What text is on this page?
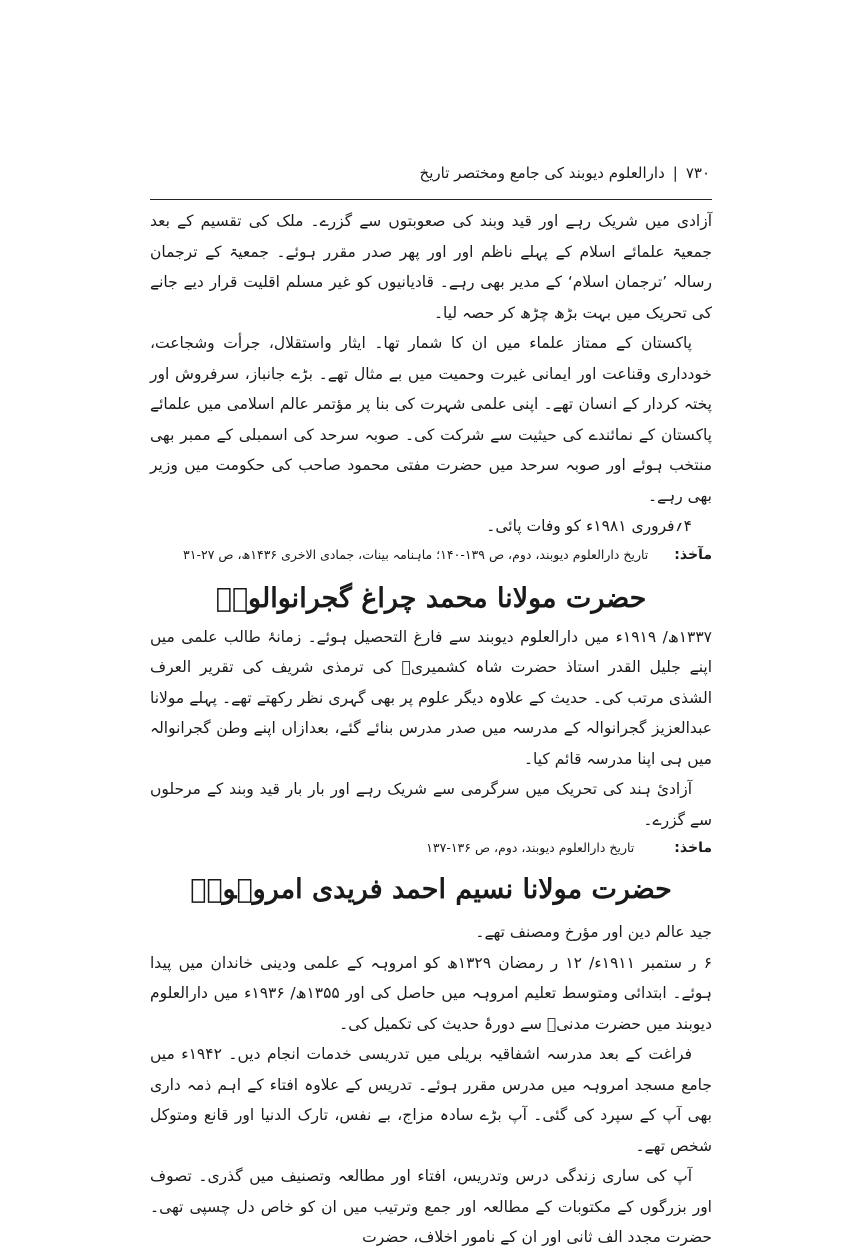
۷۳۰|دارالعلوم دیوبند کی جامع ومختصر تاریخ

آزادی میں شریک رہے اور قید وبند کی صعوبتوں سے گزرے۔ ملک کی تقسیم کے بعد جمعیۃ علمائے اسلام کے پہلے ناظم اور اور پھر صدر مقرر ہوئے۔ جمعیۃ کے ترجمان رسالہ ’ترجمان اسلام‘ کے مدیر بھی رہے۔ قادیانیوں کو غیر مسلم اقلیت قرار دیے جانے کی تحریک میں بہت بڑھ چڑھ کر حصہ لیا۔

پاکستان کے ممتاز علماء میں ان کا شمار تھا۔ ایثار واستقلال، جرأت وشجاعت، خودداری وقناعت اور ایمانی غیرت وحمیت میں بے مثال تھے۔ بڑے جانباز، سرفروش اور پختہ کردار کے انسان تھے۔ اپنی علمی شہرت کی بنا پر مؤتمر عالم اسلامی میں علمائے پاکستان کے نمائندے کی حیثیت سے شرکت کی۔ صوبہ سرحد کی اسمبلی کے ممبر بھی منتخب ہوئے اور صوبہ سرحد میں حضرت مفتی محمود صاحب کی حکومت میں وزیر بھی رہے۔

۴؍فروری ۱۹۸۱ء کو وفات پائی۔

مآخذ:تاریخ دارالعلوم دیوبند، دوم، ص ۱۳۹-۱۴۰؛ ماہنامہ بینات، جمادی الاخری ۱۴۳۶ھ، ص ۲۷-۳۱

حضرت مولانا محمد چراغ گجرانوالویؒ

۱۳۳۷ھ/ ۱۹۱۹ء میں دارالعلوم دیوبند سے فارغ التحصیل ہوئے۔ زمانۂ طالب علمی میں اپنے جلیل القدر استاذ حضرت شاہ کشمیریؒ کی ترمذی شریف کی تقریر العرف الشذی مرتب کی۔ حدیث کے علاوہ دیگر علوم پر بھی گہری نظر رکھتے تھے۔ پہلے مولانا عبدالعزیز گجرانوالہ کے مدرسہ میں صدر مدرس بنائے گئے، بعدازاں اپنے وطن گجرانوالہ میں ہی اپنا مدرسہ قائم کیا۔

آزادیٔ ہند کی تحریک میں سرگرمی سے شریک رہے اور بار بار قید وبند کے مرحلوں سے گزرے۔

ماخذ:تاریخ دارالعلوم دیوبند، دوم، ص ۱۳۶-۱۳۷

حضرت مولانا نسیم احمد فریدی امروہویؒ

جید عالم دین اور مؤرخ ومصنف تھے۔

۶ ر ستمبر ۱۹۱۱ء/ ۱۲ ر رمضان ۱۳۲۹ھ کو امروہہ کے علمی ودینی خاندان میں پیدا ہوئے۔ ابتدائی ومتوسط تعلیم امروہہ میں حاصل کی اور ۱۳۵۵ھ/ ۱۹۳۶ء میں دارالعلوم دیوبند میں حضرت مدنیؒ سے دورۂ حدیث کی تکمیل کی۔

فراغت کے بعد مدرسہ اشفاقیہ بریلی میں تدریسی خدمات انجام دیں۔ ۱۹۴۲ء میں جامع مسجد امروہہ میں مدرس مقرر ہوئے۔ تدریس کے علاوہ افتاء کے اہم ذمہ داری بھی آپ کے سپرد کی گئی۔ آپ بڑے سادہ مزاج، بے نفس، تارک الدنیا اور قانع ومتوکل شخص تھے۔

آپ کی ساری زندگی درس وتدریس، افتاء اور مطالعہ وتصنیف میں گذری۔ تصوف اور بزرگوں کے مکتوبات کے مطالعہ اور جمع وترتیب میں ان کو خاص دل چسپی تھی۔ حضرت مجدد الف ثانی اور ان کے نامور اخلاف، حضرت
